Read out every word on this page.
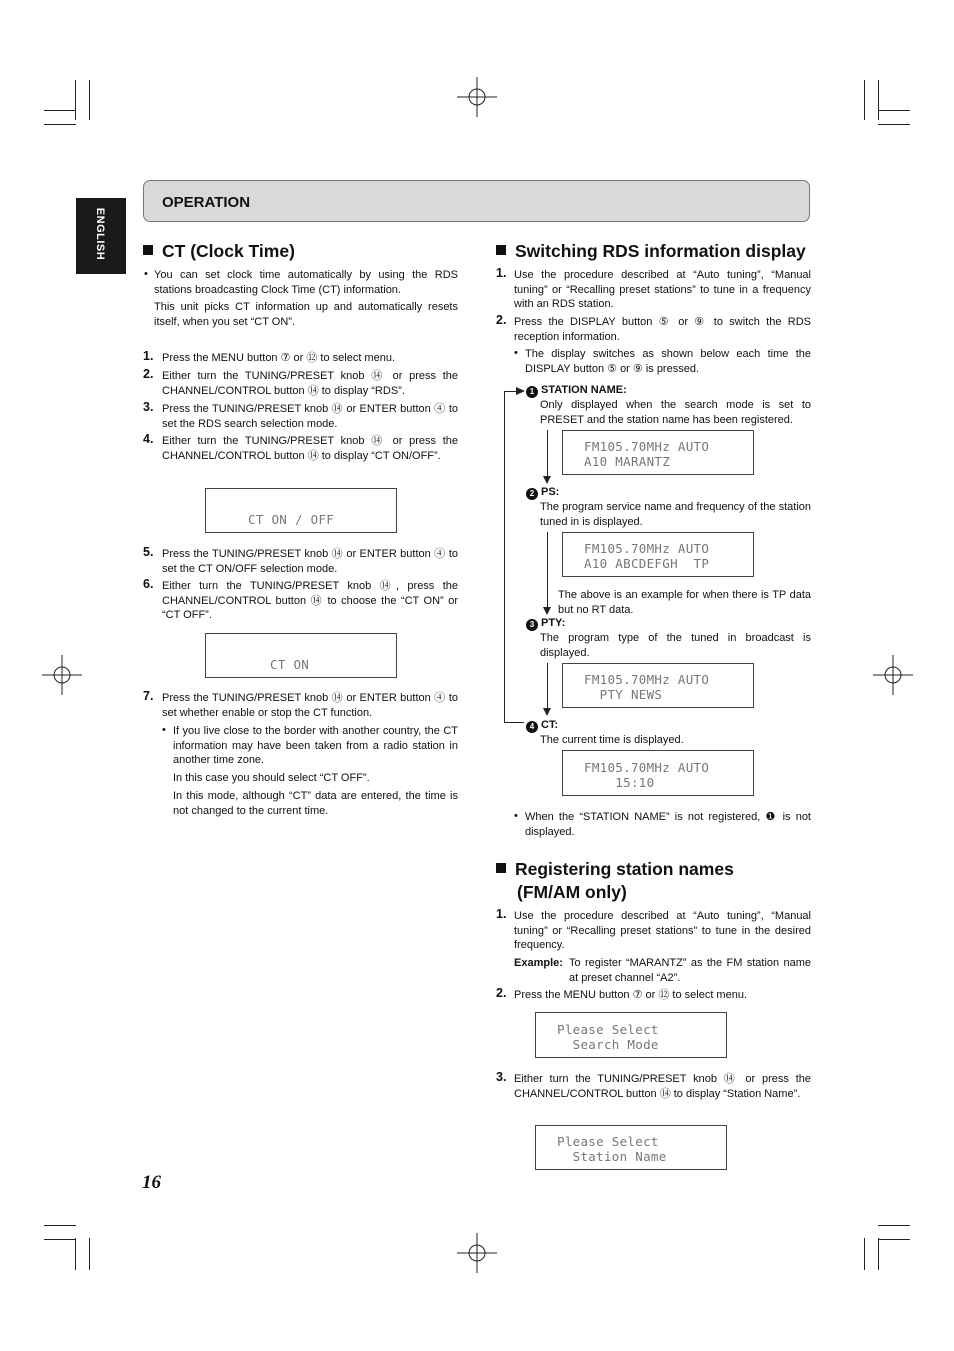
ENGLISH
OPERATION
CT (Clock Time)
• You can set clock time automatically by using the RDS stations broadcasting Clock Time (CT) information.
This unit picks CT information up and automatically resets itself, when you set “CT ON”.
1. Press the MENU button ⑦ or ⑫ to select menu.
2. Either turn the TUNING/PRESET knob ⑭ or press the CHANNEL/CONTROL button ⑭ to display “RDS”.
3. Press the TUNING/PRESET knob ⑭ or ENTER button ④ to set the RDS search selection mode.
4. Either turn the TUNING/PRESET knob ⑭ or press the CHANNEL/CONTROL button ⑭ to display “CT ON/OFF”.
CT ON / OFF
5. Press the TUNING/PRESET knob ⑭ or ENTER button ④ to set the CT ON/OFF selection mode.
6. Either turn the TUNING/PRESET knob ⑭, press the CHANNEL/CONTROL button ⑭ to choose the “CT ON” or “CT OFF”.
CT ON
7. Press the TUNING/PRESET knob ⑭ or ENTER button ④ to set whether enable or stop the CT function.
• If you live close to the border with another country, the CT information may have been taken from a radio station in another time zone.
In this case you should select “CT OFF”.
In this mode, although “CT” data are entered, the time is not changed to the current time.
Switching RDS information display
1. Use the procedure described at “Auto tuning”, “Manual tuning” or “Recalling preset stations” to tune in a frequency with an RDS station.
2. Press the DISPLAY button ⑤ or ⑨ to switch the RDS reception information.
• The display switches as shown below each time the DISPLAY button ⑤ or ⑨ is pressed.
1 STATION NAME:
Only displayed when the search mode is set to PRESET and the station name has been registered.
FM105.70MHz AUTO
A10 MARANTZ
2 PS:
The program service name and frequency of the station tuned in is displayed.
FM105.70MHz AUTO
A10 ABCDEFGH  TP
The above is an example for when there is TP data but no RT data.
3 PTY:
The program type of the tuned in broadcast is displayed.
FM105.70MHz AUTO
PTY NEWS
4 CT:
The current time is displayed.
FM105.70MHz AUTO
15:10
• When the “STATION NAME” is not registered, ❶ is not displayed.
Registering station names
(FM/AM only)
1. Use the procedure described at “Auto tuning”, “Manual tuning” or “Recalling preset stations” to tune in the desired frequency.
Example: To register “MARANTZ” as the FM station name at preset channel “A2”.
2. Press the MENU button ⑦ or ⑫ to select menu.
Please Select
Search Mode
3. Either turn the TUNING/PRESET knob ⑭ or press the CHANNEL/CONTROL button ⑭ to display “Station Name”.
Please Select
Station Name
16
